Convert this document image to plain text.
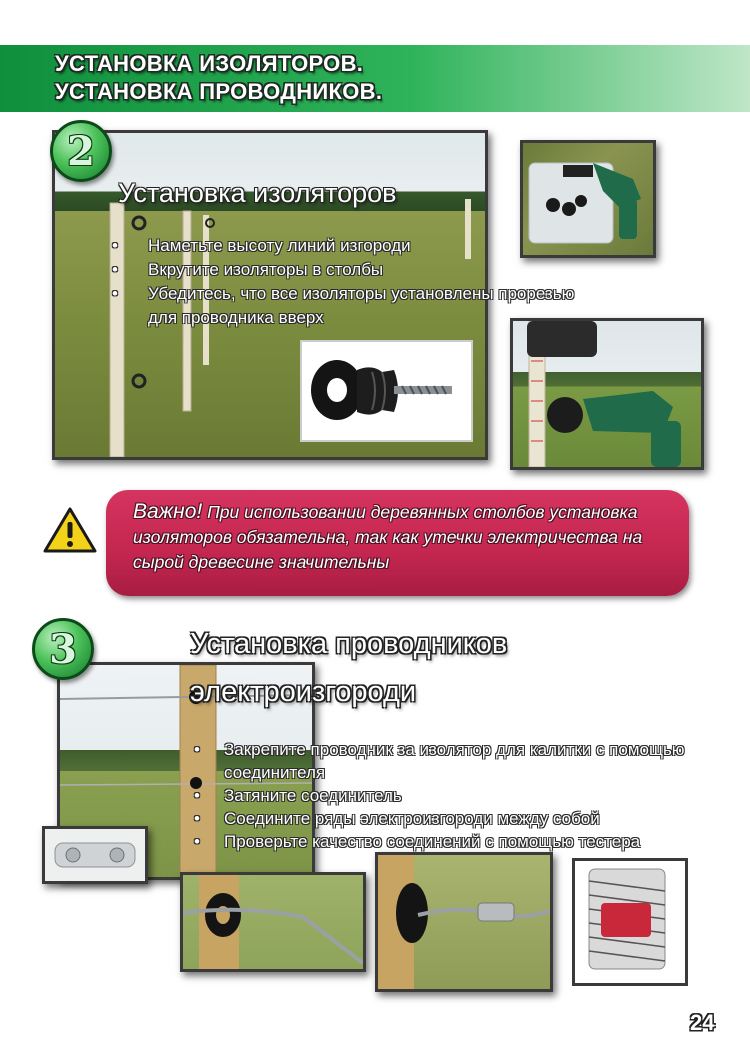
УСТАНОВКА ИЗОЛЯТОРОВ.
УСТАНОВКА ПРОВОДНИКОВ.
2
Установка изоляторов
• Наметьте высоту линий изгороди
• Вкрутите изоляторы в столбы
• Убедитесь, что все изоляторы установлены прорезью для проводника вверх

Важно! При использовании деревянных столбов установка изоляторов обязательна, так как утечки электричества на сырой древесине значительны

3	Установка проводников
электроизгороди
• Закрепите проводник за изолятор для калитки с помощью соединителя
• Затяните соединитель
• Соедините ряды электроизгороди между собой
• Проверьте качество соединений с помощью тестера

24
